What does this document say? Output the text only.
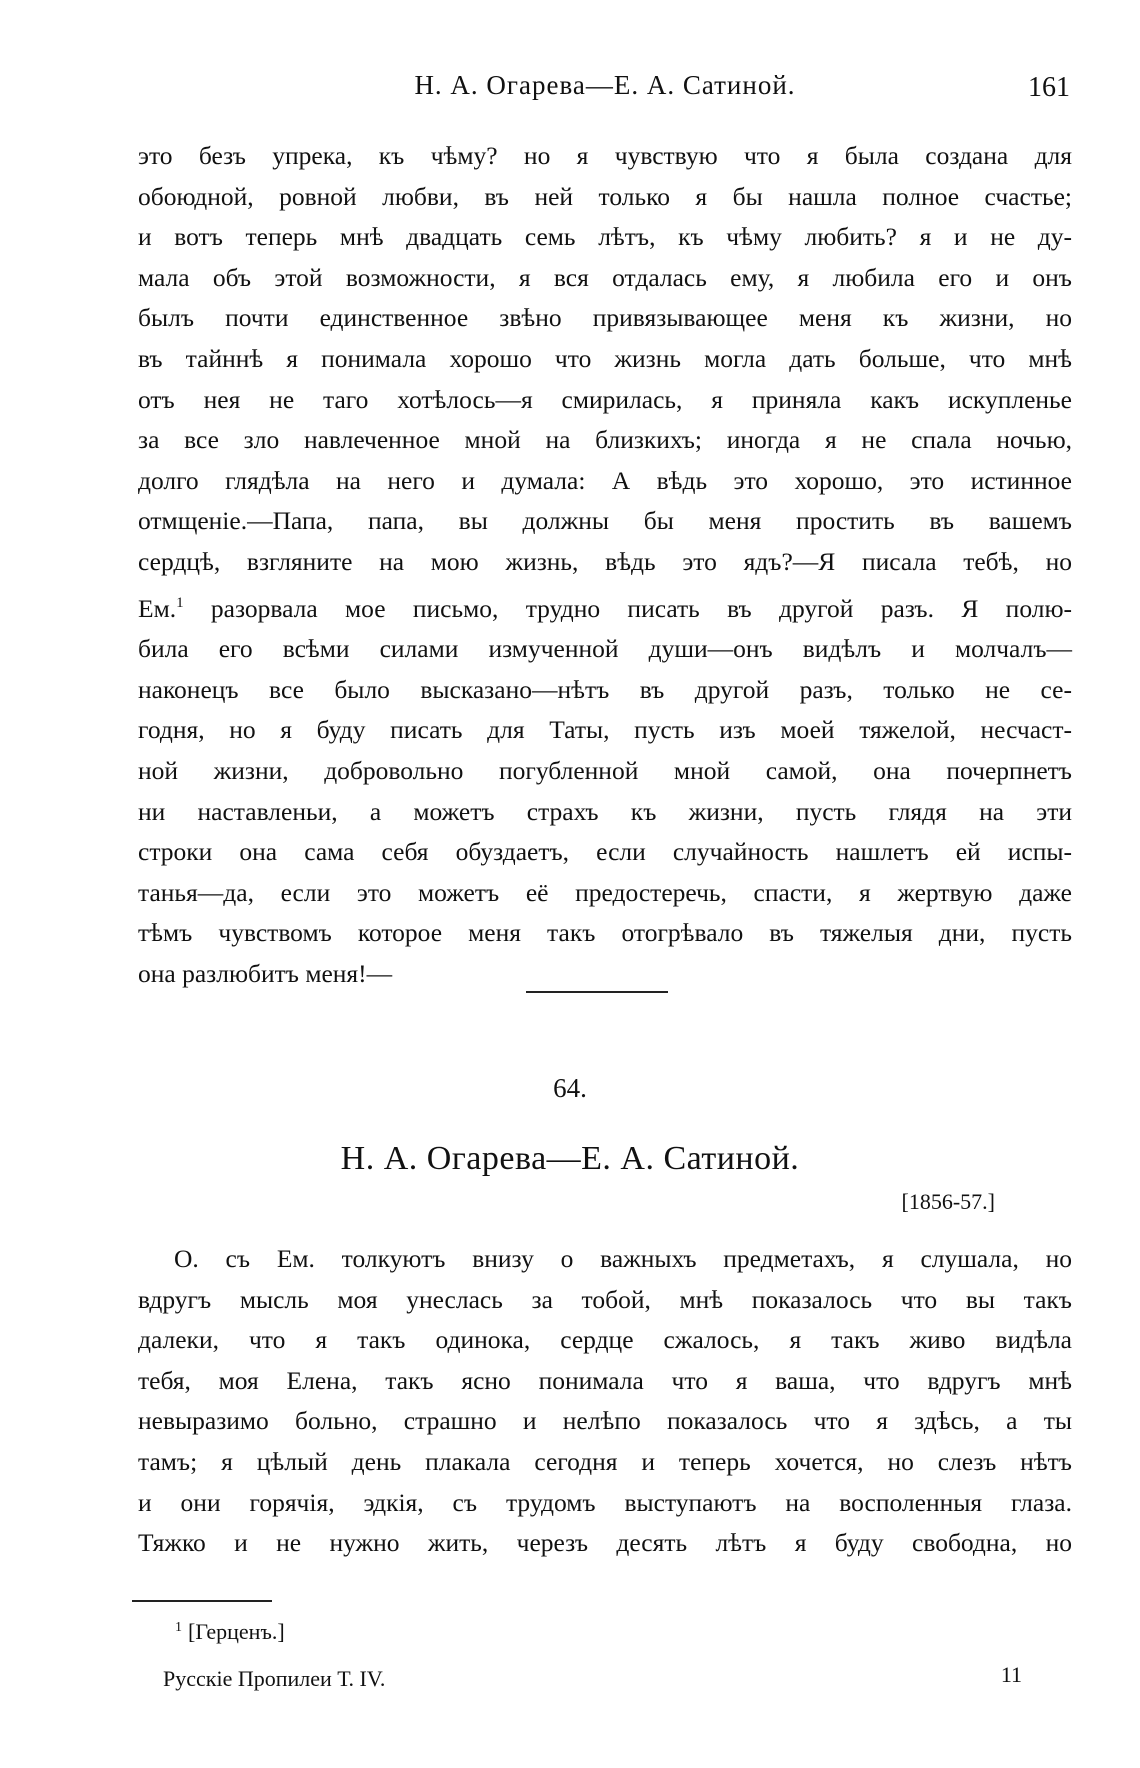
Н. А. Огарева—Е. А. Сатиной.	161

это безъ упрека, къ чѣму? но я чувствую что я была создана для

обоюдной, ровной любви, въ ней только я бы нашла полное счастье;

и вотъ теперь мнѣ двадцать семь лѣтъ, къ чѣму любить? я и не ду-

мала объ этой возможности, я вся отдалась ему, я любила его и онъ

былъ почти единственное звѣно привязывающее меня къ жизни, но

въ тайннѣ я понимала хорошо что жизнь могла дать больше, что мнѣ

отъ нея не таго хотѣлось—я смирилась, я приняла какъ искупленье

за все зло навлеченное мной на близкихъ; иногда я не спала ночью,

долго глядѣла на него и думала: А вѣдь это хорошо, это истинное

отмщеніе.—Папа, папа, вы должны бы меня простить въ вашемъ

сердцѣ, взгляните на мою жизнь, вѣдь это ядъ?—Я писала тебѣ, но

Ем.$^1$ разорвала мое письмо, трудно писать въ другой разъ. Я полю-

била его всѣми силами измученной души—онъ видѣлъ и молчалъ—

наконецъ все было высказано—нѣтъ въ другой разъ, только не се-

годня, но я буду писать для Таты, пусть изъ моей тяжелой, несчаст-

ной жизни, добровольно погубленной мной самой, она почерпнетъ

ни наставленьи, а можетъ страхъ къ жизни, пусть глядя на эти

строки она сама себя обуздаетъ, если случайность нашлетъ ей испы-

танья—да, если это можетъ её предостеречь, спасти, я жертвую даже

тѣмъ чувствомъ которое меня такъ отогрѣвало въ тяжелыя дни, пусть

она разлюбитъ меня!—

64.
Н. А. Огарева—Е. А. Сатиной.
[1856-57.]

О. съ Ем. толкуютъ внизу о важныхъ предметахъ, я слушала, но

вдругъ мысль моя унеслась за тобой, мнѣ показалось что вы такъ

далеки, что я такъ одинока, сердце сжалось, я такъ живо видѣла

тебя, моя Елена, такъ ясно понимала что я ваша, что вдругъ мнѣ

невыразимо больно, страшно и нелѣпо показалось что я здѣсь, а ты

тамъ; я цѣлый день плакала сегодня и теперь хочется, но слезъ нѣтъ

и они горячія, эдкія, съ трудомъ выступаютъ на восполенныя глаза.

Тяжко и не нужно жить, черезъ десять лѣтъ я буду свободна, но

$^1$ [Герценъ.]
Русскіе Пропилеи Т. IV.	11
